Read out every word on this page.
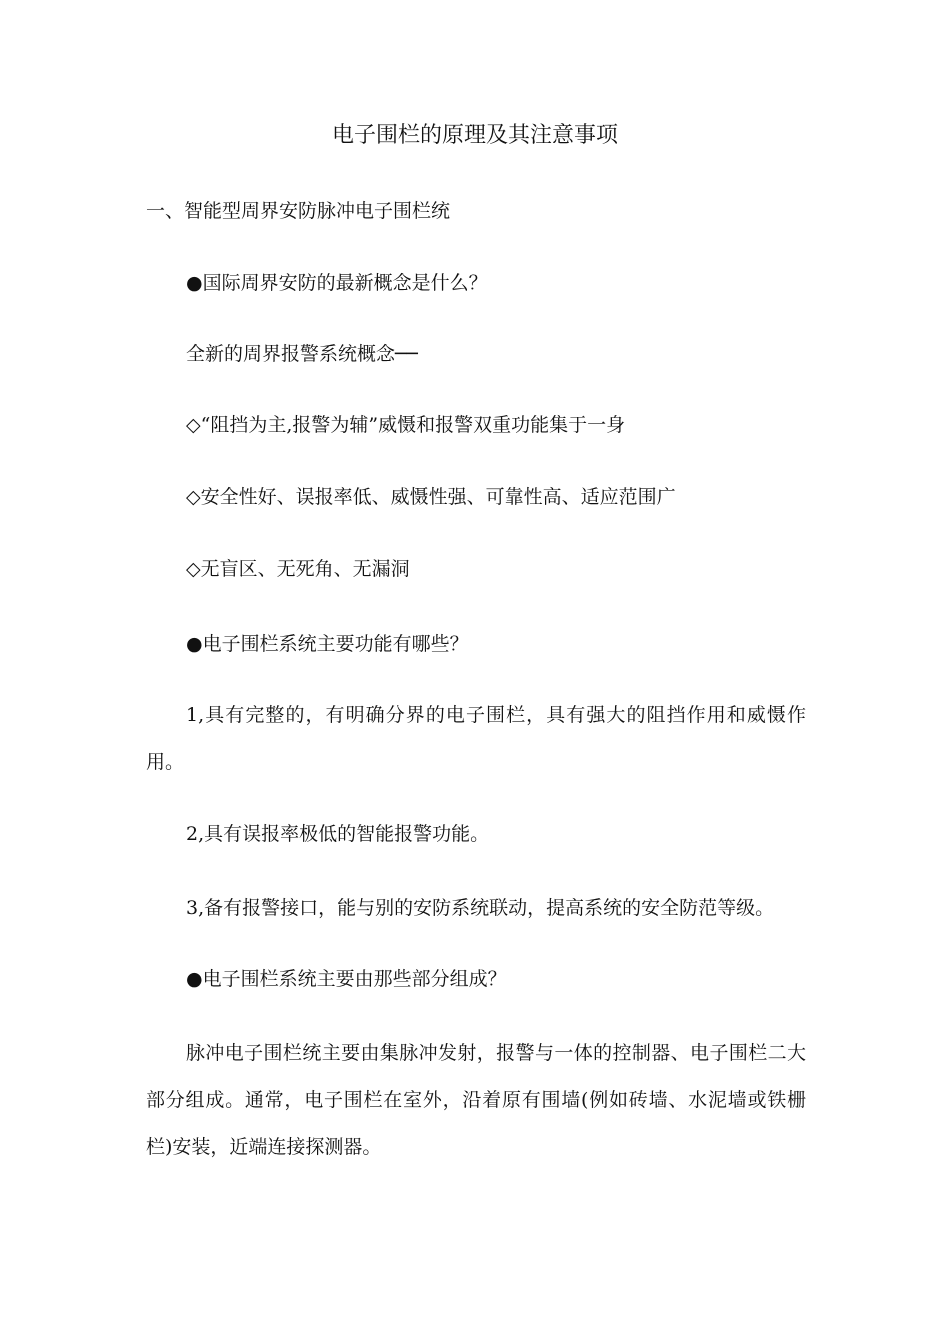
电子围栏的原理及其注意事项
一、智能型周界安防脉冲电子围栏统
●国际周界安防的最新概念是什么？
全新的周界报警系统概念──
◇“阻挡为主,报警为辅”威慑和报警双重功能集于一身
◇安全性好、误报率低、威慑性强、可靠性高、适应范围广
◇无盲区、无死角、无漏洞
●电子围栏系统主要功能有哪些？
1,具有完整的，有明确分界的电子围栏，具有强大的阻挡作用和威慑作用。
2,具有误报率极低的智能报警功能。
3,备有报警接口，能与别的安防系统联动，提高系统的安全防范等级。
●电子围栏系统主要由那些部分组成？
脉冲电子围栏统主要由集脉冲发射，报警与一体的控制器、电子围栏二大部分组成。通常，电子围栏在室外，沿着原有围墙(例如砖墙、水泥墙或铁栅栏)安装，近端连接探测器。
